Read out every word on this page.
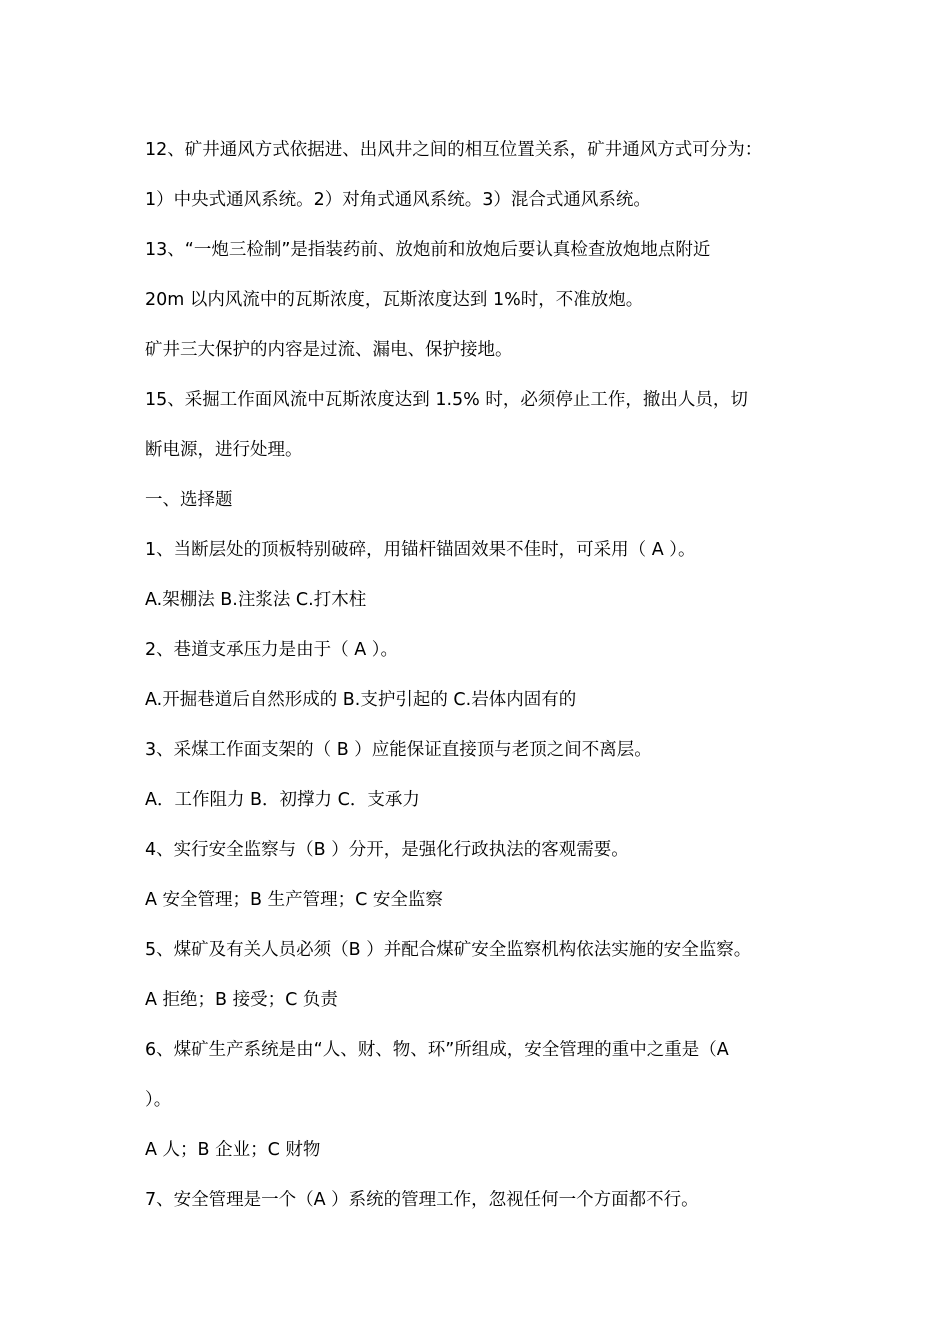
12、矿井通风方式依据进、出风井之间的相互位置关系，矿井通风方式可分为：
1）中央式通风系统。2）对角式通风系统。3）混合式通风系统。
13、“一炮三检制”是指装药前、放炮前和放炮后要认真检查放炮地点附近
20m 以内风流中的瓦斯浓度，瓦斯浓度达到 1%时，不准放炮。
矿井三大保护的内容是过流、漏电、保护接地。
15、采掘工作面风流中瓦斯浓度达到 1.5% 时，必须停止工作，撤出人员，切
断电源，进行处理。
一、选择题
1、当断层处的顶板特别破碎，用锚杆锚固效果不佳时，可采用（ A ）。
A.架棚法 B.注浆法 C.打木柱
2、巷道支承压力是由于（ A ）。
A.开掘巷道后自然形成的 B.支护引起的 C.岩体内固有的
3、采煤工作面支架的（ B ）应能保证直接顶与老顶之间不离层。
A．工作阻力 B．初撑力 C．支承力
4、实行安全监察与（B ）分开，是强化行政执法的客观需要。
A 安全管理；B 生产管理；C 安全监察
5、煤矿及有关人员必须（B ）并配合煤矿安全监察机构依法实施的安全监察。
A 拒绝；B 接受；C 负责
6、煤矿生产系统是由“人、财、物、环”所组成，安全管理的重中之重是（A
）。
A 人；B 企业；C 财物
7、安全管理是一个（A ）系统的管理工作，忽视任何一个方面都不行。
